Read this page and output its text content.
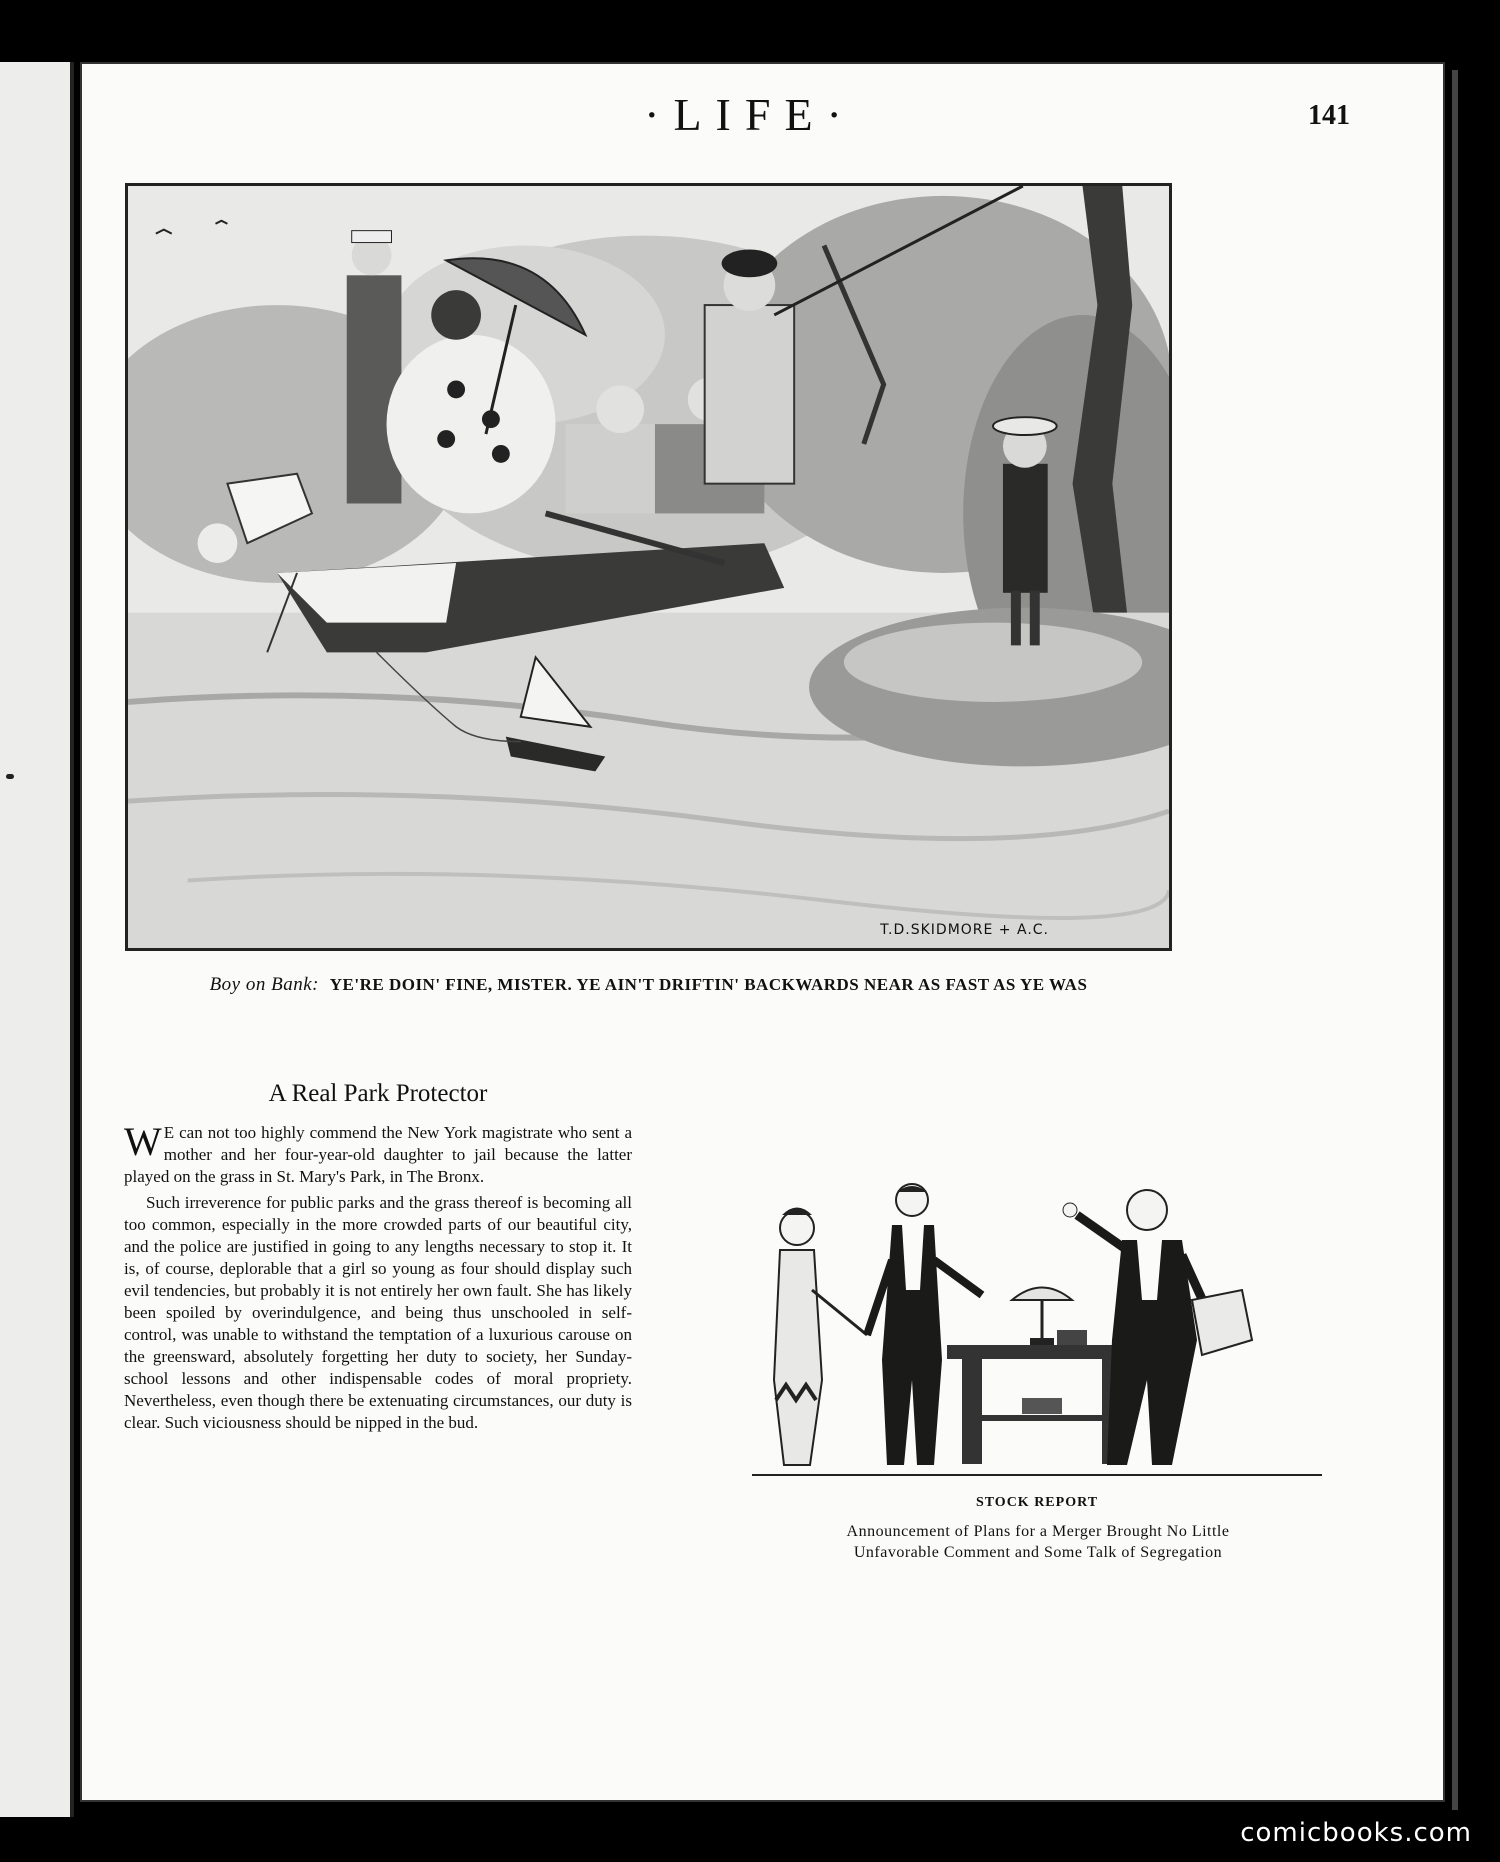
·LIFE·	141
T.D.SKIDMORE + A.C.
Boy on Bank: YE'RE DOIN' FINE, MISTER. YE AIN'T DRIFTIN' BACKWARDS NEAR AS FAST AS YE WAS
A Real Park Protector

W E can not too highly commend the New York magistrate who sent a mother and her four-year-old daughter to jail because the latter played on the grass in St. Mary's Park, in The Bronx.

Such irreverence for public parks and the grass thereof is becoming all too common, especially in the more crowded parts of our beautiful city, and the police are justified in going to any lengths necessary to stop it. It is, of course, deplorable that a girl so young as four should display such evil tendencies, but probably it is not entirely her own fault. She has likely been spoiled by overindulgence, and being thus unschooled in self-control, was unable to withstand the temptation of a luxurious carouse on the greensward, absolutely forgetting her duty to society, her Sunday-school lessons and other indispensable codes of moral propriety. Nevertheless, even though there be extenuating circumstances, our duty is clear. Such viciousness should be nipped in the bud.

STOCK REPORT
Announcement of Plans for a Merger Brought No Little
Unfavorable Comment and Some Talk of Segregation
comicbooks.com
